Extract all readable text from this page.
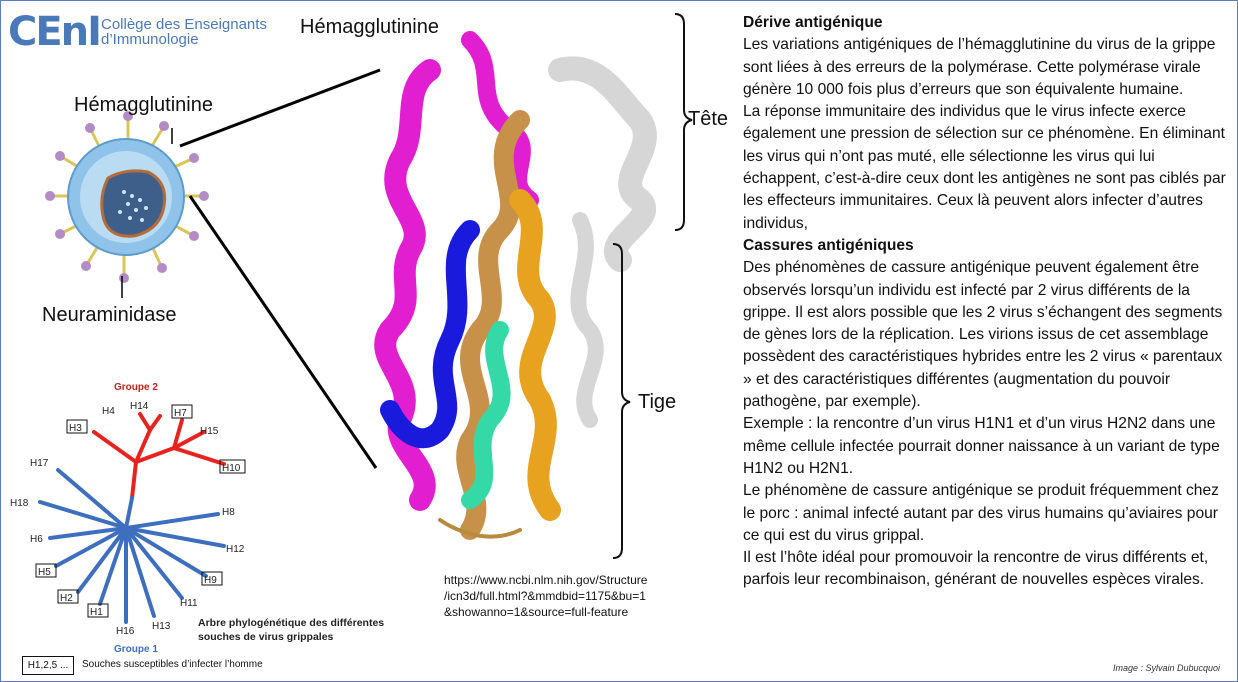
CEnI Collège des Enseignants
d’Immunologie
Groupe 2
Groupe 1
H4 H14
H3
H7
H15
H10
H17
H18
H8
H6
H12
H5
H9
H2
H1
H11
H16 H13
Hémagglutinine
Hémagglutinine
Neuraminidase
Tête
Tige
Arbre phylogénétique des différentes
souches de virus grippales
H1,2,5 ...	Souches susceptibles d’infecter l’homme
https://www.ncbi.nlm.nih.gov/Structure
/icn3d/full.html?&mmdbid=1175&bu=1
&showanno=1&source=full-feature

Dérive antigénique

Les variations antigéniques de l’hémagglutinine du virus de la grippe sont liées à des erreurs de la polymérase. Cette polymérase virale génère 10 000 fois plus d’erreurs que son équivalente humaine.

La réponse immunitaire des individus que le virus infecte exerce également une pression de sélection sur ce phénomène. En éliminant les virus qui n’ont pas muté, elle sélectionne les virus qui lui échappent, c’est-à-dire ceux dont les antigènes ne sont pas ciblés par les effecteurs immunitaires. Ceux là peuvent alors infecter d’autres individus,

Cassures antigéniques

Des phénomènes de cassure antigénique peuvent également être observés lorsqu’un individu est infecté par 2 virus différents de la grippe. Il est alors possible que les 2 virus s’échangent des segments de gènes lors de la réplication. Les virions issus de cet assemblage possèdent des caractéristiques hybrides entre les 2 virus « parentaux » et des caractéristiques différentes (augmentation du pouvoir pathogène, par exemple).

Exemple : la rencontre d’un virus H1N1 et d’un virus H2N2 dans une même cellule infectée pourrait donner naissance à un variant de type H1N2 ou H2N1.

Le phénomène de cassure antigénique se produit fréquemment chez le porc : animal infecté autant par des virus humains qu’aviaires pour ce qui est du virus grippal.

Il est l’hôte idéal pour promouvoir la rencontre de virus différents et, parfois leur recombinaison, générant de nouvelles espèces virales.

Image : Sylvain Dubucquoi
